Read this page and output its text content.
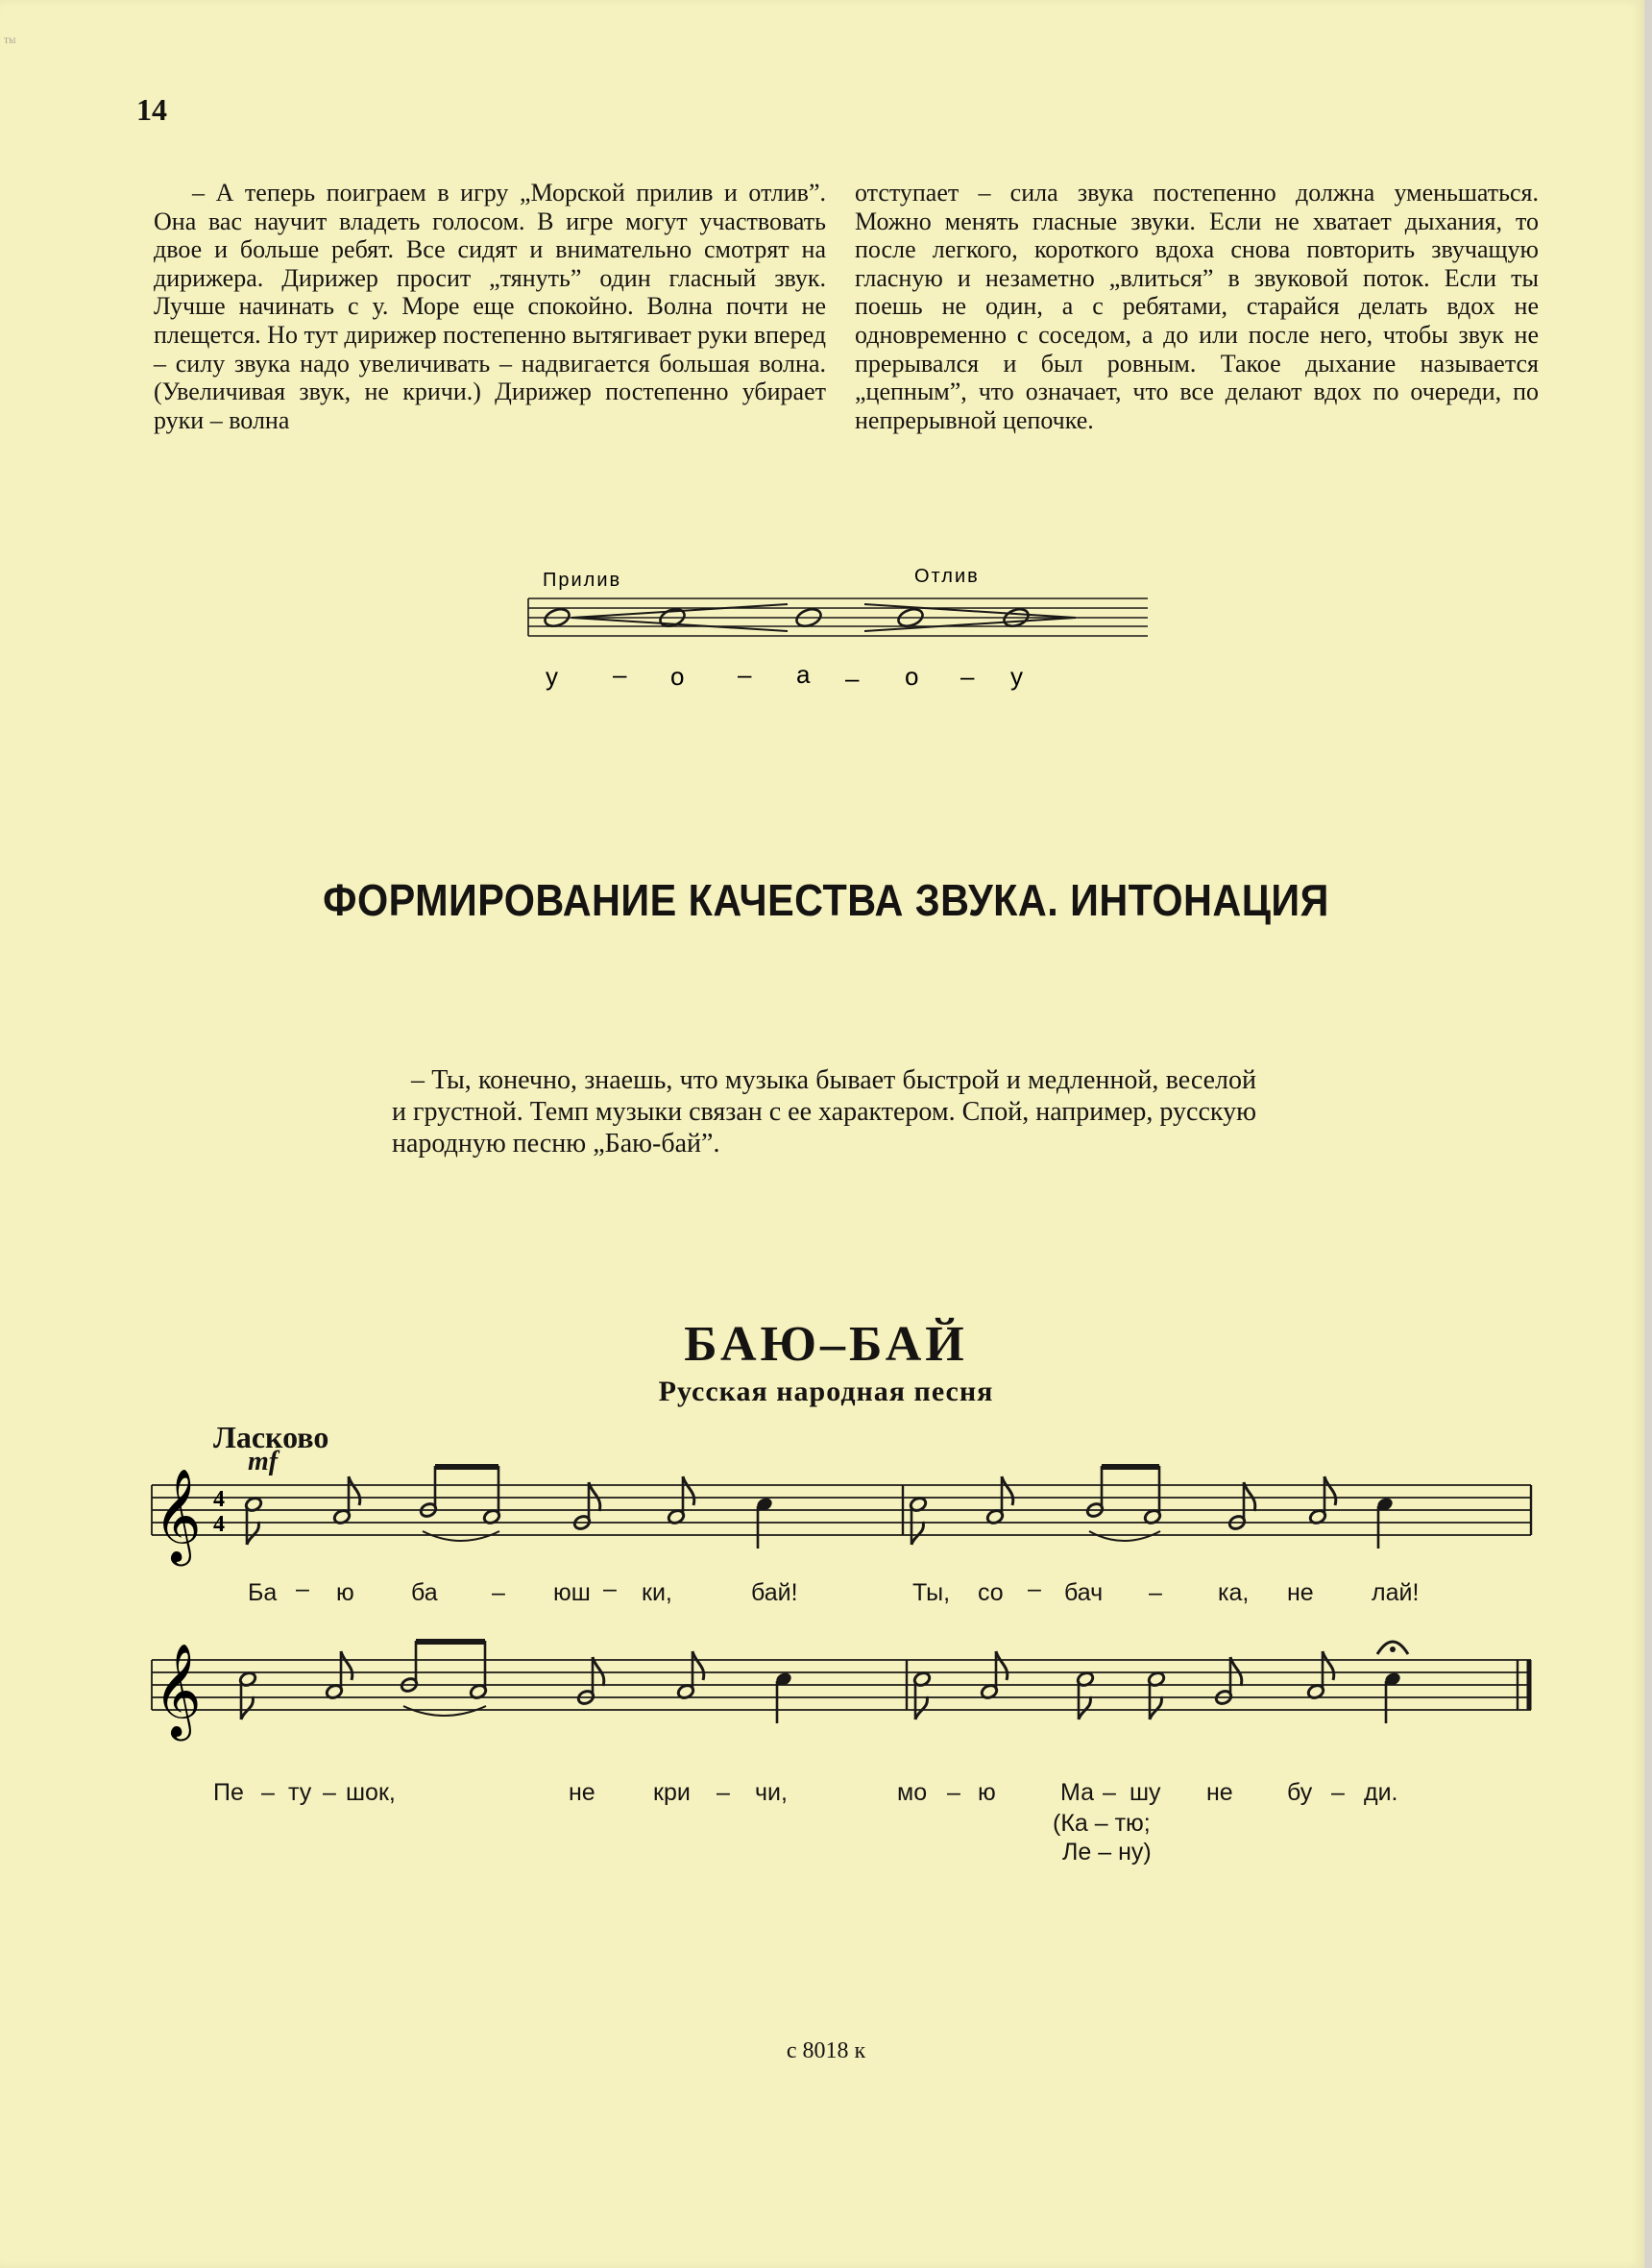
ᵀʰᴵ
14

– А теперь поиграем в игру „Морской прилив и отлив”. Она вас научит владеть голосом. В игре могут участвовать двое и больше ребят. Все сидят и внимательно смотрят на дирижера. Дирижер просит „тянуть” один гласный звук. Лучше начинать с у. Море еще спокойно. Волна почти не плещется. Но тут дирижер постепенно вытягивает руки вперед – силу звука надо увеличивать – надвигается большая волна. (Увеличивая звук, не кричи.) Дирижер постепенно убирает руки – волна

отступает – сила звука постепенно должна уменьшаться. Можно менять гласные звуки. Если не хватает дыхания, то после легкого, короткого вдоха снова повторить звучащую гласную и незаметно „влиться” в звуковой поток. Если ты поешь не один, а с ребятами, старайся делать вдох не одновременно с соседом, а до или после него, чтобы звук не прерывался и был ровным. Такое дыхание называется „цепным”, что означает, что все делают вдох по очереди, по непрерывной цепочке.

Прилив	Отлив
у – о – а – о – у
ФОРМИРОВАНИЕ КАЧЕСТВА ЗВУКА. ИНТОНАЦИЯ

– Ты, конечно, знаешь, что музыка бывает быстрой и медленной, веселой и грустной. Темп музыки связан с ее характером. Спой, например, русскую народную песню „Баю-бай”.

БАЮ–БАЙ
Русская народная песня
Ласково
mf
𝄞 4
4
𝄞
Ба – ю ба – юш – ки,	бай!	Ты, со – бач – ка, не лай!
Пе – ту – шок,	не кри – чи,	мо – ю	Ма – шу не бу – ди.
(Ка – тю;
Ле – ну)
с 8018 к
